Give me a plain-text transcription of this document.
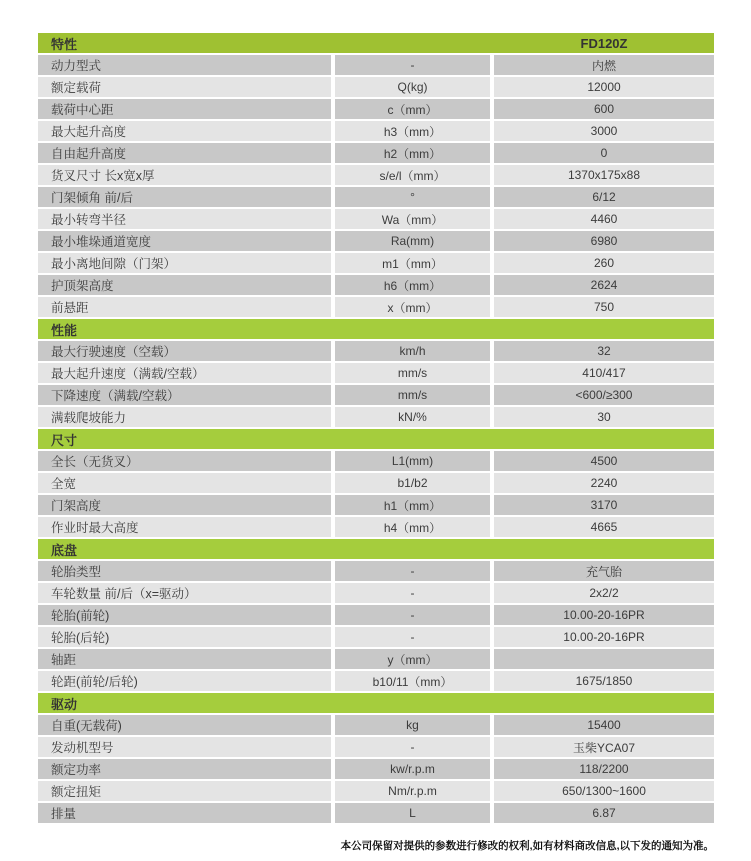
特性	FD120Z
动力型式	-	内燃
额定载荷	Q(kg)	12000
载荷中心距	c（mm）	600
最大起升高度	h3（mm）	3000
自由起升高度	h2（mm）	0
货叉尺寸 长x宽x厚	s/e/l（mm）	1370x175x88
门架倾角 前/后	°	6/12
最小转弯半径	Wa（mm）	4460
最小堆垛通道宽度	Ra(mm)	6980
最小离地间隙（门架）	m1（mm）	260
护顶架高度	h6（mm）	2624
前悬距	x（mm）	750
性能
最大行驶速度（空载）	km/h	32
最大起升速度（满载/空载）	mm/s	410/417
下降速度（满载/空载）	mm/s	<600/≥300
满载爬坡能力	kN/%	30
尺寸
全长（无货叉）	L1(mm)	4500
全宽	b1/b2	2240
门架高度	h1（mm）	3170
作业时最大高度	h4（mm）	4665
底盘
轮胎类型	-	充气胎
车轮数量 前/后（x=驱动）	-	2x2/2
轮胎(前轮)	-	10.00-20-16PR
轮胎(后轮)	-	10.00-20-16PR
轴距	y（mm）
轮距(前轮/后轮)	b10/11（mm）	1675/1850
驱动
自重(无载荷)	kg	15400
发动机型号	-	玉柴YCA07
额定功率	kw/r.p.m	118/2200
额定扭矩	Nm/r.p.m	650/1300~1600
排量	L	6.87
本公司保留对提供的参数进行修改的权利,如有材料商改信息,以下发的通知为准。
